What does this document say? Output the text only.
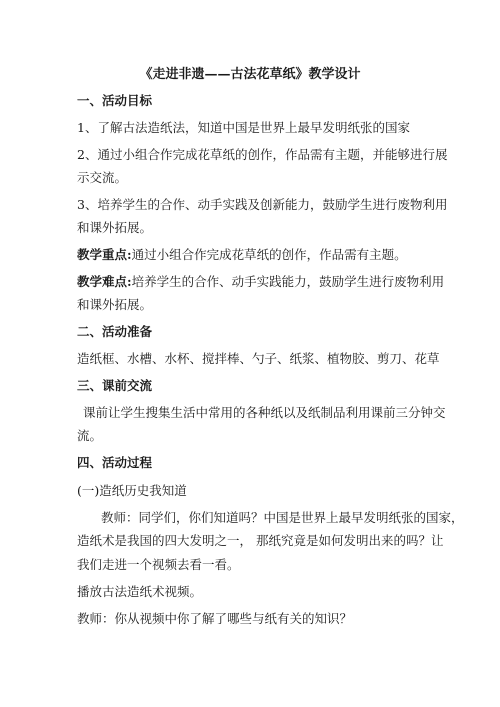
《走进非遗——古法花草纸》教学设计
一、活动目标
1、了解古法造纸法，知道中国是世界上最早发明纸张的国家
2、通过小组合作完成花草纸的创作，作品需有主题，并能够进行展
示交流。
3、培养学生的合作、动手实践及创新能力，鼓励学生进行废物利用
和课外拓展。
教学重点:通过小组合作完成花草纸的创作，作品需有主题。
教学难点:培养学生的合作、动手实践能力，鼓励学生进行废物利用
和课外拓展。
二、活动准备
造纸框、水槽、水杯、搅拌棒、勺子、纸浆、植物胶、剪刀、花草
三、课前交流
课前让学生搜集生活中常用的各种纸以及纸制品利用课前三分钟交
流。
四、活动过程
(一)造纸历史我知道
教师：同学们，你们知道吗？中国是世界上最早发明纸张的国家，
造纸术是我国的四大发明之一， 那纸究竟是如何发明出来的吗？让
我们走进一个视频去看一看。
播放古法造纸术视频。
教师：你从视频中你了解了哪些与纸有关的知识？
